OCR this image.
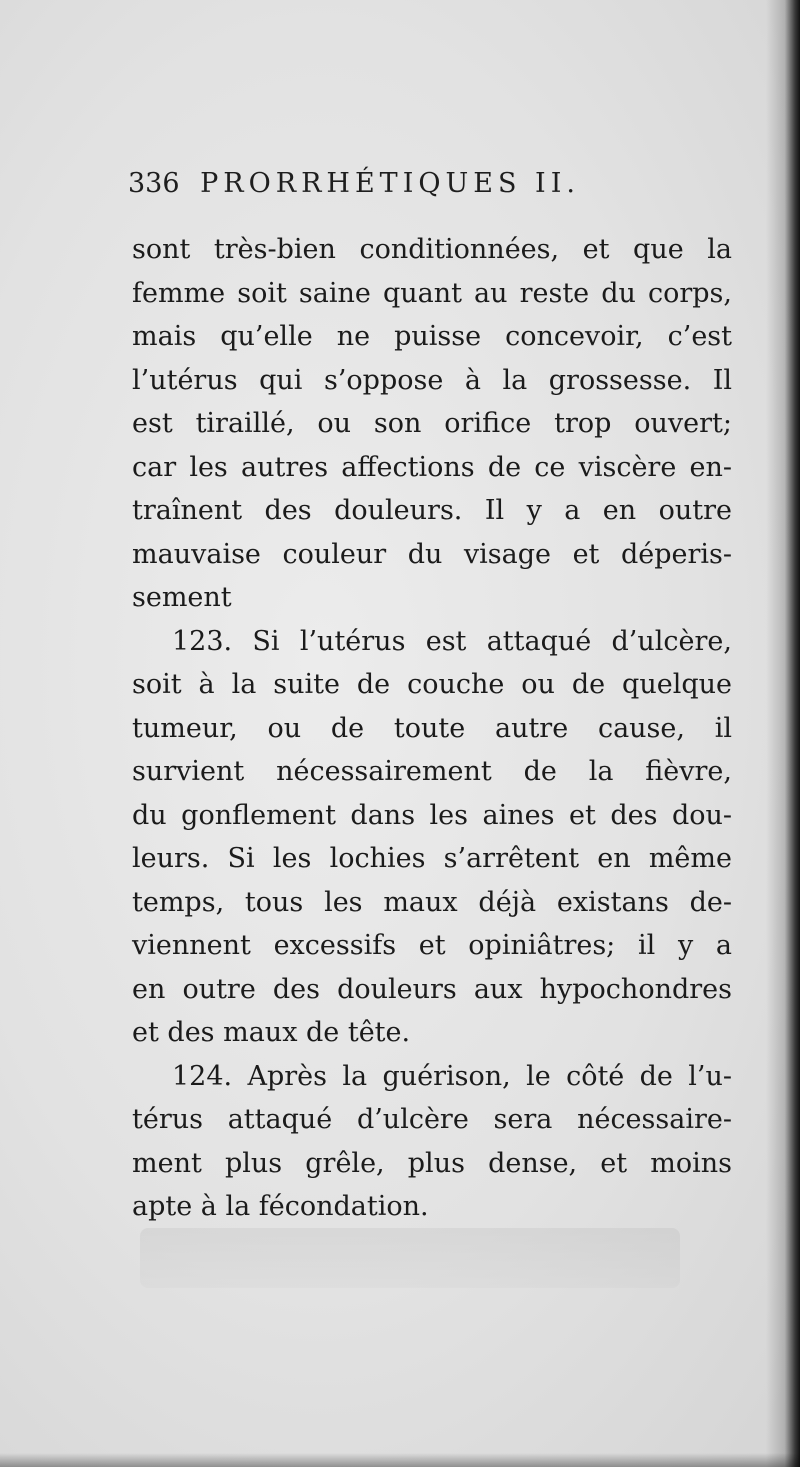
336 PRORRHÉTIQUES II.
sont très-bien conditionnées, et que la
femme soit saine quant au reste du corps,
mais qu’elle ne puisse concevoir, c’est
l’utérus qui s’oppose à la grossesse. Il
est tiraillé, ou son orifice trop ouvert;
car les autres affections de ce viscère en-
traînent des douleurs. Il y a en outre
mauvaise couleur du visage et déperis-
sement
123. Si l’utérus est attaqué d’ulcère,
soit à la suite de couche ou de quelque
tumeur, ou de toute autre cause, il
survient nécessairement de la fièvre,
du gonflement dans les aines et des dou-
leurs. Si les lochies s’arrêtent en même
temps, tous les maux déjà existans de-
viennent excessifs et opiniâtres; il y a
en outre des douleurs aux hypochondres
et des maux de tête.
124. Après la guérison, le côté de l’u-
térus attaqué d’ulcère sera nécessaire-
ment plus grêle, plus dense, et moins
apte à la fécondation.
